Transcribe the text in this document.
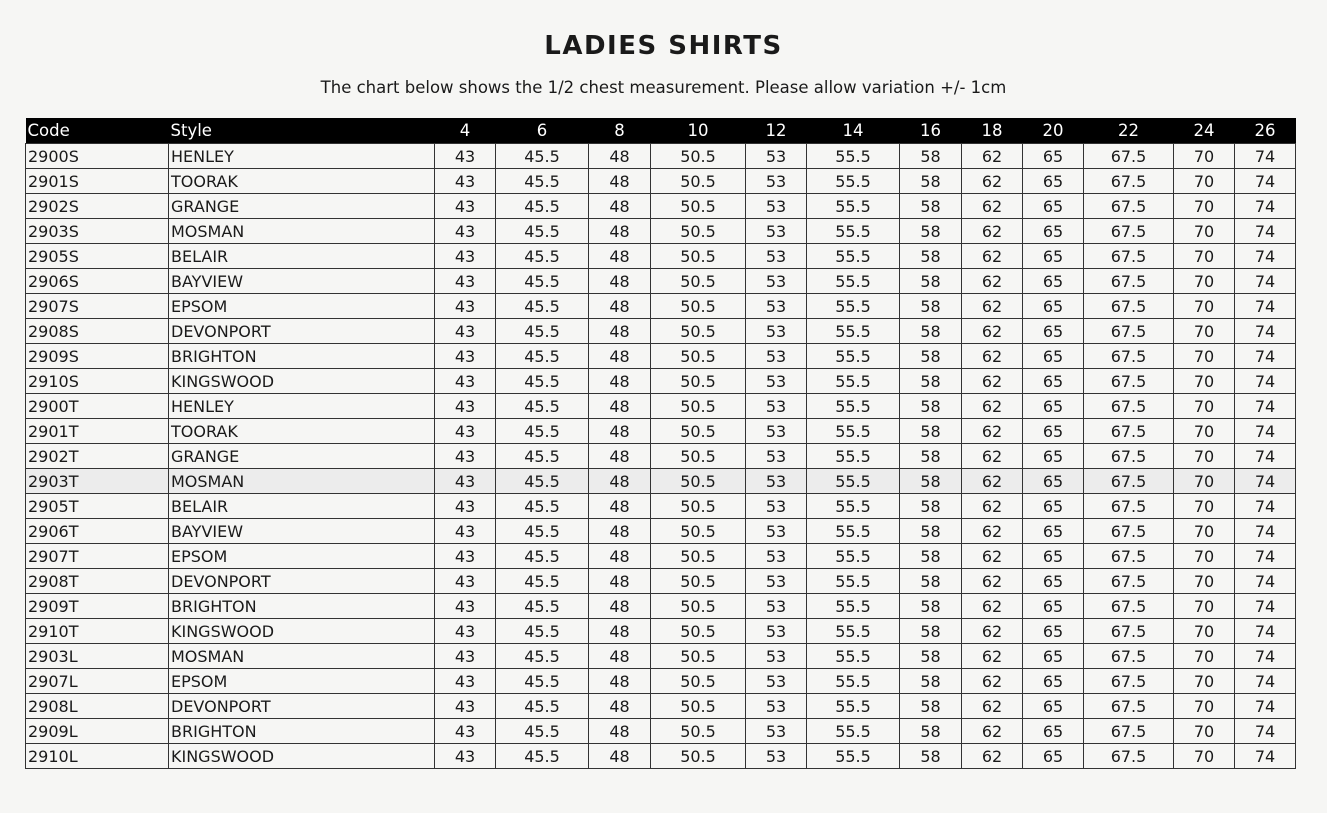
LADIES SHIRTS
The chart below shows the 1/2 chest measurement. Please allow variation +/- 1cm
Code	Style	4	6	8	10	12	14	16	18	20	22	24	26
2900S	HENLEY	43	45.5	48	50.5	53	55.5	58	62	65	67.5	70	74
2901S	TOORAK	43	45.5	48	50.5	53	55.5	58	62	65	67.5	70	74
2902S	GRANGE	43	45.5	48	50.5	53	55.5	58	62	65	67.5	70	74
2903S	MOSMAN	43	45.5	48	50.5	53	55.5	58	62	65	67.5	70	74
2905S	BELAIR	43	45.5	48	50.5	53	55.5	58	62	65	67.5	70	74
2906S	BAYVIEW	43	45.5	48	50.5	53	55.5	58	62	65	67.5	70	74
2907S	EPSOM	43	45.5	48	50.5	53	55.5	58	62	65	67.5	70	74
2908S	DEVONPORT	43	45.5	48	50.5	53	55.5	58	62	65	67.5	70	74
2909S	BRIGHTON	43	45.5	48	50.5	53	55.5	58	62	65	67.5	70	74
2910S	KINGSWOOD	43	45.5	48	50.5	53	55.5	58	62	65	67.5	70	74
2900T	HENLEY	43	45.5	48	50.5	53	55.5	58	62	65	67.5	70	74
2901T	TOORAK	43	45.5	48	50.5	53	55.5	58	62	65	67.5	70	74
2902T	GRANGE	43	45.5	48	50.5	53	55.5	58	62	65	67.5	70	74
2903T	MOSMAN	43	45.5	48	50.5	53	55.5	58	62	65	67.5	70	74
2905T	BELAIR	43	45.5	48	50.5	53	55.5	58	62	65	67.5	70	74
2906T	BAYVIEW	43	45.5	48	50.5	53	55.5	58	62	65	67.5	70	74
2907T	EPSOM	43	45.5	48	50.5	53	55.5	58	62	65	67.5	70	74
2908T	DEVONPORT	43	45.5	48	50.5	53	55.5	58	62	65	67.5	70	74
2909T	BRIGHTON	43	45.5	48	50.5	53	55.5	58	62	65	67.5	70	74
2910T	KINGSWOOD	43	45.5	48	50.5	53	55.5	58	62	65	67.5	70	74
2903L	MOSMAN	43	45.5	48	50.5	53	55.5	58	62	65	67.5	70	74
2907L	EPSOM	43	45.5	48	50.5	53	55.5	58	62	65	67.5	70	74
2908L	DEVONPORT	43	45.5	48	50.5	53	55.5	58	62	65	67.5	70	74
2909L	BRIGHTON	43	45.5	48	50.5	53	55.5	58	62	65	67.5	70	74
2910L	KINGSWOOD	43	45.5	48	50.5	53	55.5	58	62	65	67.5	70	74
